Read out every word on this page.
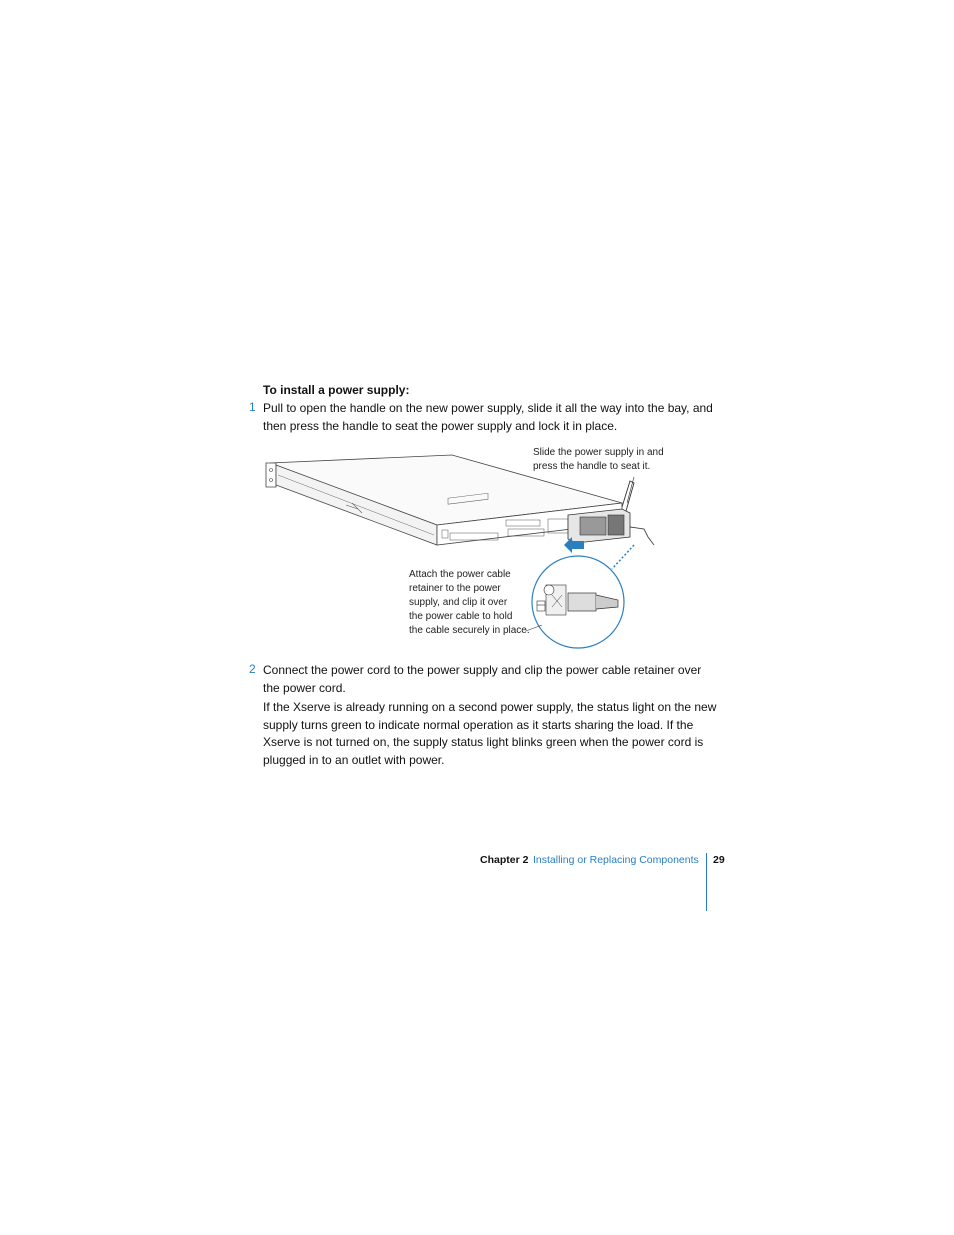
To install a power supply:
1 Pull to open the handle on the new power supply, slide it all the way into the bay, and
then press the handle to seat the power supply and lock it in place.
Slide the power supply in and
press the handle to seat it.
Attach the power cable
retainer to the power
supply, and clip it over
the power cable to hold
the cable securely in place.
2 Connect the power cord to the power supply and clip the power cable retainer over
the power cord.
If the Xserve is already running on a second power supply, the status light on the new
supply turns green to indicate normal operation as it starts sharing the load. If the
Xserve is not turned on, the supply status light blinks green when the power cord is
plugged in to an outlet with power.
Chapter 2 Installing or Replacing Components 29
